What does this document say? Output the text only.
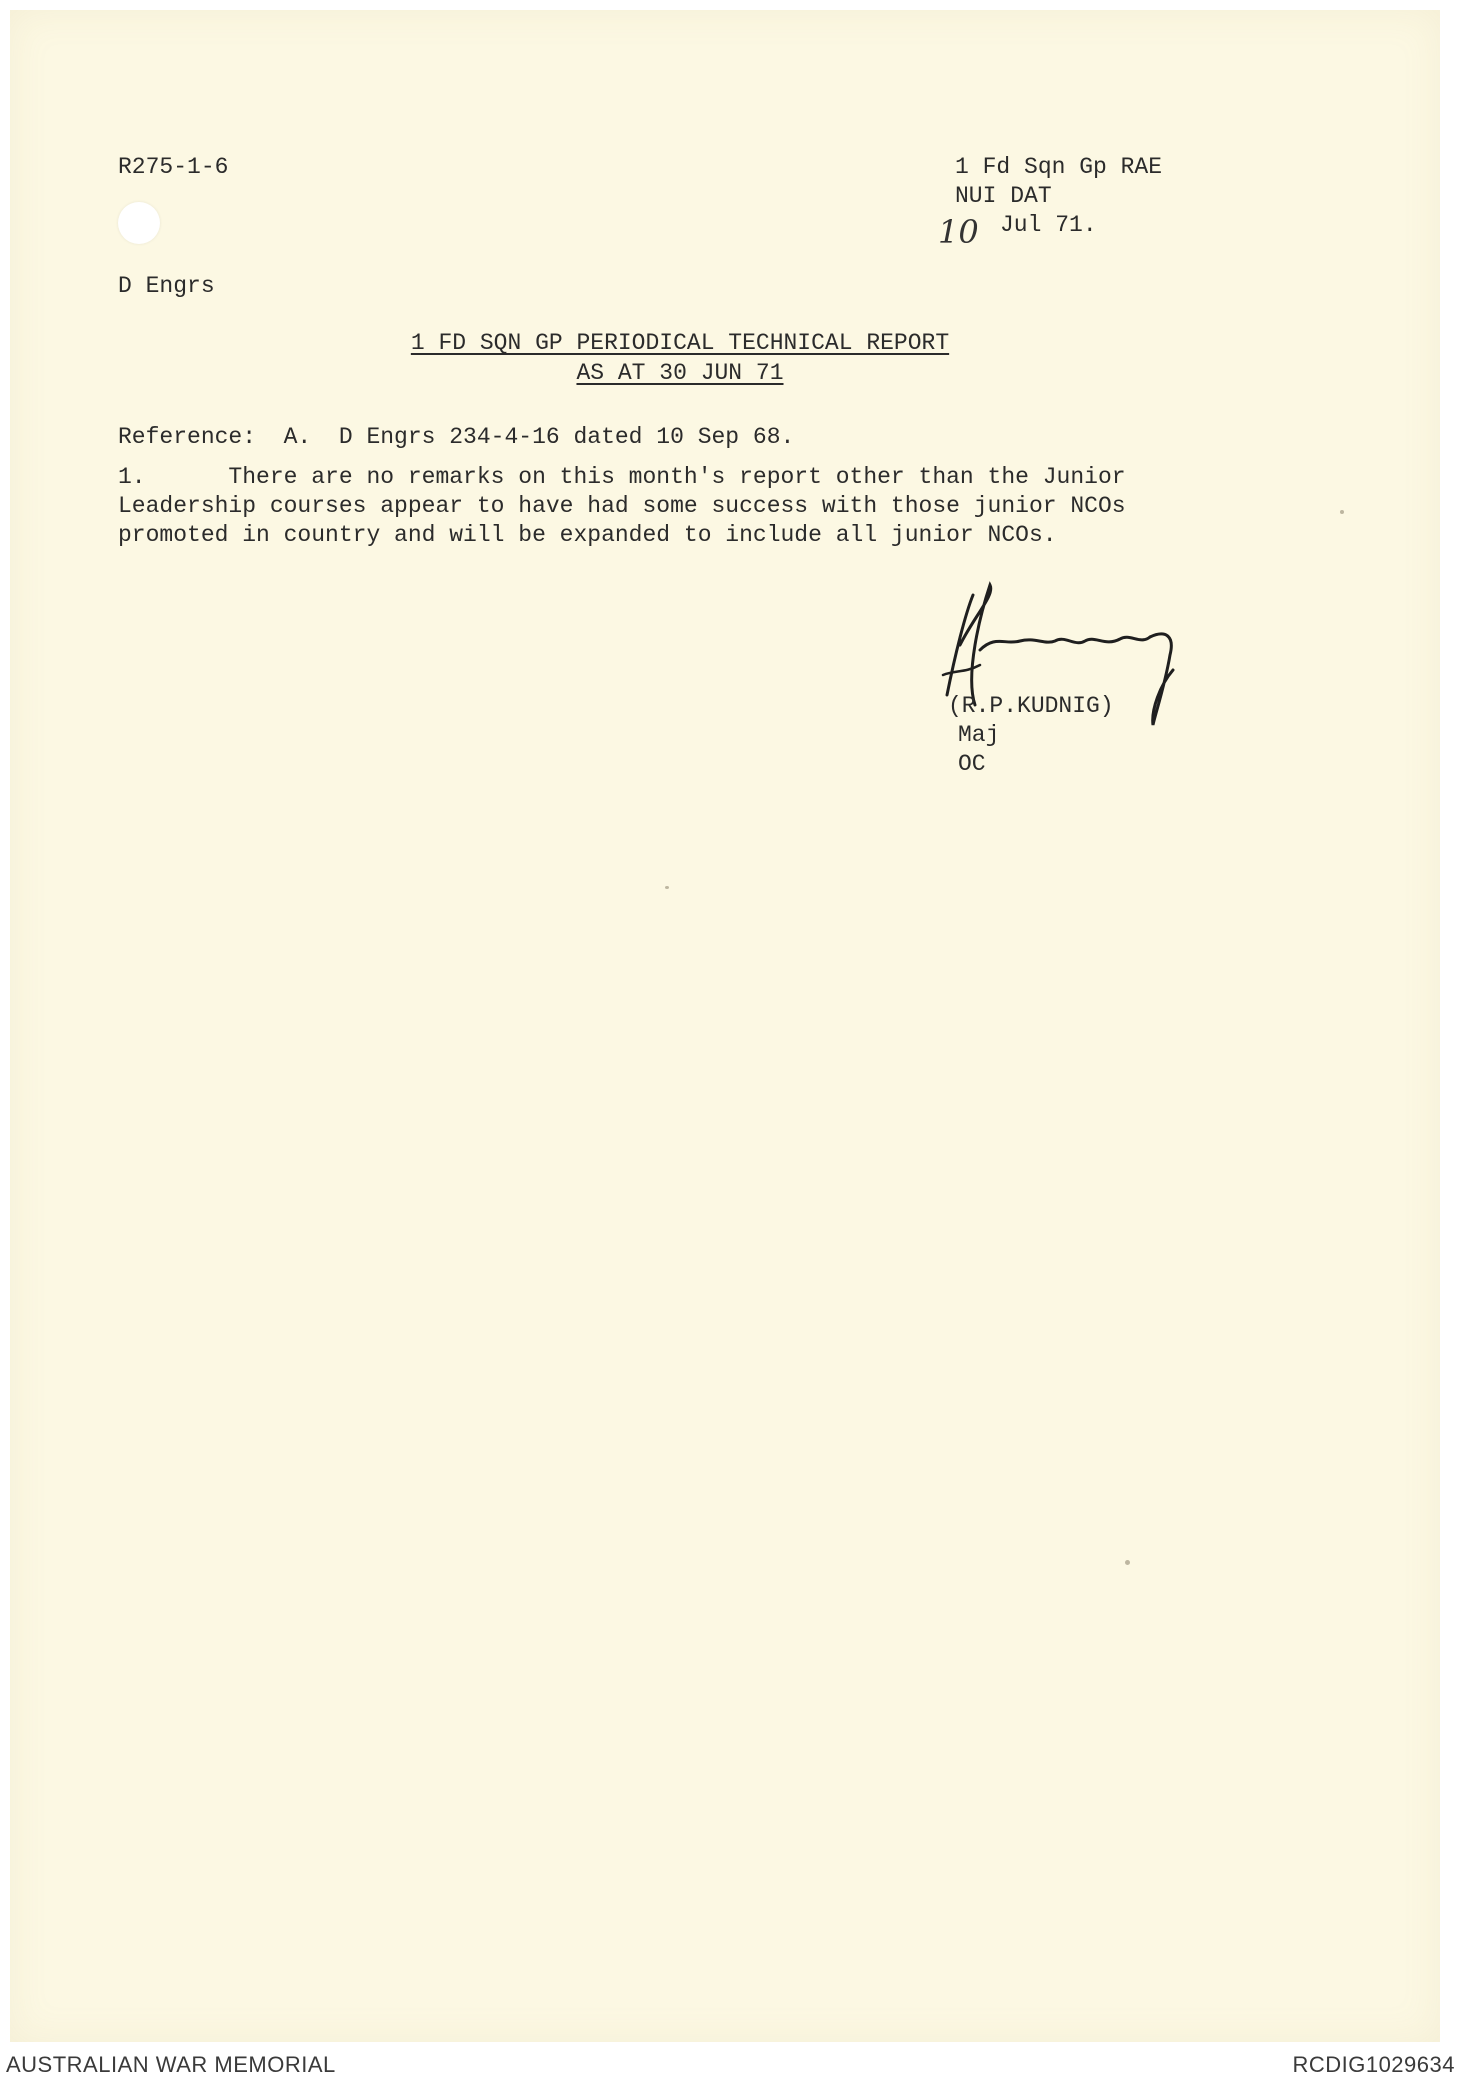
R275-1-6	1 Fd Sqn Gp RAE
NUI DAT
10 Jul 71.
D Engrs
1 FD SQN GP PERIODICAL TECHNICAL REPORT
AS AT 30 JUN 71
Reference:  A.  D Engrs 234-4-16 dated 10 Sep 68.
1.      There are no remarks on this month's report other than the Junior
Leadership courses appear to have had some success with those junior NCOs
promoted in country and will be expanded to include all junior NCOs.
(R.P.KUDNIG)
Maj
OC
AUSTRALIAN WAR MEMORIAL	RCDIG1029634
